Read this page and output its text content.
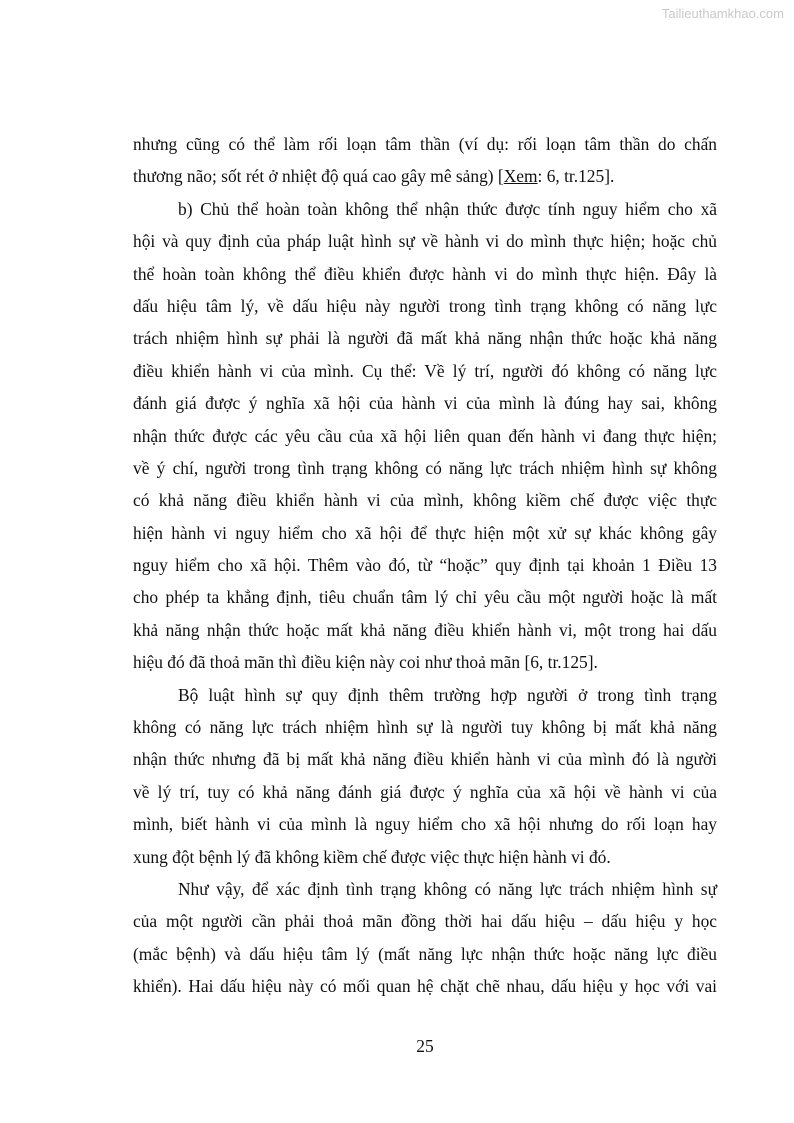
Tailieuthamkhao.com
nhưng cũng có thể làm rối loạn tâm thần (ví dụ: rối loạn tâm thần do chấn
thương não; sốt rét ở nhiệt độ quá cao gây mê sảng) [Xem: 6, tr.125].
b) Chủ thể hoàn toàn không thể nhận thức được tính nguy hiểm cho xã
hội và quy định của pháp luật hình sự về hành vi do mình thực hiện; hoặc chủ
thể hoàn toàn không thể điều khiển được hành vi do mình thực hiện. Đây là
dấu hiệu tâm lý, về dấu hiệu này người trong tình trạng không có năng lực
trách nhiệm hình sự phải là người đã mất khả năng nhận thức hoặc khả năng
điều khiển hành vi của mình. Cụ thể: Về lý trí, người đó không có năng lực
đánh giá được ý nghĩa xã hội của hành vi của mình là đúng hay sai, không
nhận thức được các yêu cầu của xã hội liên quan đến hành vi đang thực hiện;
về ý chí, người trong tình trạng không có năng lực trách nhiệm hình sự không
có khả năng điều khiển hành vi của mình, không kiềm chế được việc thực
hiện hành vi nguy hiểm cho xã hội để thực hiện một xử sự khác không gây
nguy hiểm cho xã hội. Thêm vào đó, từ “hoặc” quy định tại khoản 1 Điều 13
cho phép ta khẳng định, tiêu chuẩn tâm lý chỉ yêu cầu một người hoặc là mất
khả năng nhận thức hoặc mất khả năng điều khiển hành vi, một trong hai dấu
hiệu đó đã thoả mãn thì điều kiện này coi như thoả mãn [6, tr.125].
Bộ luật hình sự quy định thêm trường hợp người ở trong tình trạng
không có năng lực trách nhiệm hình sự là người tuy không bị mất khả năng
nhận thức nhưng đã bị mất khả năng điều khiển hành vi của mình đó là người
về lý trí, tuy có khả năng đánh giá được ý nghĩa của xã hội về hành vi của
mình, biết hành vi của mình là nguy hiểm cho xã hội nhưng do rối loạn hay
xung đột bệnh lý đã không kiềm chế được việc thực hiện hành vi đó.
Như vậy, để xác định tình trạng không có năng lực trách nhiệm hình sự
của một người cần phải thoả mãn đồng thời hai dấu hiệu – dấu hiệu y học
(mắc bệnh) và dấu hiệu tâm lý (mất năng lực nhận thức hoặc năng lực điều
khiển). Hai dấu hiệu này có mối quan hệ chặt chẽ nhau, dấu hiệu y học với vai
25
